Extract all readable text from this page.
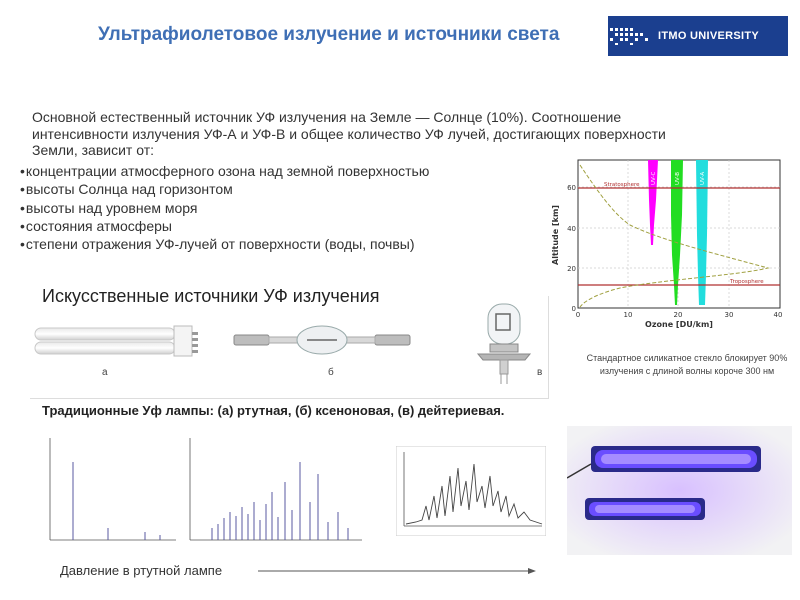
Ультрафиолетовое излучение и источники света	ITMO UNIVERSITY
Основной естественный источник УФ излучения на Земле — Солнце (10%). Соотношение интенсивности излучения УФ-А и УФ-В и общее количество УФ лучей, достигающих поверхности Земли, зависит от:
• концентрации атмосферного озона над земной поверхностью
• высоты Солнца над горизонтом
• высоты над уровнем моря
• состояния атмосферы
• степени отражения УФ-лучей от поверхности (воды, почвы)
Stratosphere
Troposphere
UV-C	UV-B	UV-A
60
40
20
0
0	10	20	30	40
Ozone [DU/km]
Altitude [km]
Стандартное силикатное стекло блокирует 90% излучения с длиной волны короче 300 нм
Искусственные источники УФ излучения
а	б	в
Традиционные Уф лампы: (а) ртутная, (б) ксеноновая, (в) дейтериевая.
Давление в ртутной лампе
